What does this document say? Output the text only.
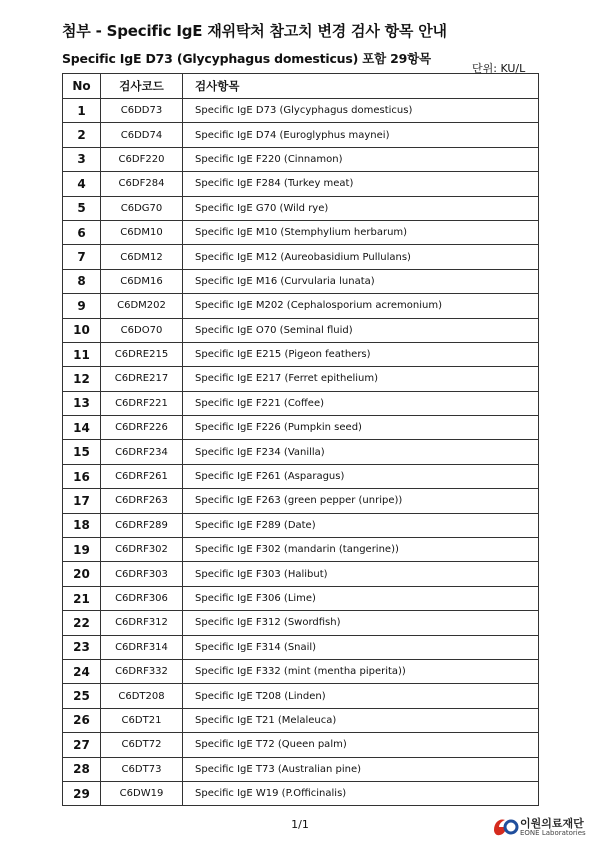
첨부 - Specific IgE 재위탁처 참고치 변경 검사 항목 안내
Specific IgE D73 (Glycyphagus domesticus) 포함 29항목
단위: KU/L
No	검사코드	검사항목
1	C6DD73	Specific IgE D73 (Glycyphagus domesticus)
2	C6DD74	Specific IgE D74 (Euroglyphus maynei)
3	C6DF220	Specific IgE F220 (Cinnamon)
4	C6DF284	Specific IgE F284 (Turkey meat)
5	C6DG70	Specific IgE G70 (Wild rye)
6	C6DM10	Specific IgE M10 (Stemphylium herbarum)
7	C6DM12	Specific IgE M12 (Aureobasidium Pullulans)
8	C6DM16	Specific IgE M16 (Curvularia lunata)
9	C6DM202	Specific IgE M202 (Cephalosporium acremonium)
10	C6DO70	Specific IgE O70 (Seminal fluid)
11	C6DRE215	Specific IgE E215 (Pigeon feathers)
12	C6DRE217	Specific IgE E217 (Ferret epithelium)
13	C6DRF221	Specific IgE F221 (Coffee)
14	C6DRF226	Specific IgE F226 (Pumpkin seed)
15	C6DRF234	Specific IgE F234 (Vanilla)
16	C6DRF261	Specific IgE F261 (Asparagus)
17	C6DRF263	Specific IgE F263 (green pepper (unripe))
18	C6DRF289	Specific IgE F289 (Date)
19	C6DRF302	Specific IgE F302 (mandarin (tangerine))
20	C6DRF303	Specific IgE F303 (Halibut)
21	C6DRF306	Specific IgE F306 (Lime)
22	C6DRF312	Specific IgE F312 (Swordfish)
23	C6DRF314	Specific IgE F314 (Snail)
24	C6DRF332	Specific IgE F332 (mint (mentha piperita))
25	C6DT208	Specific IgE T208 (Linden)
26	C6DT21	Specific IgE T21 (Melaleuca)
27	C6DT72	Specific IgE T72 (Queen palm)
28	C6DT73	Specific IgE T73 (Australian pine)
29	C6DW19	Specific IgE W19 (P.Officinalis)
1/1	이원의료재단
EONE Laboratories
